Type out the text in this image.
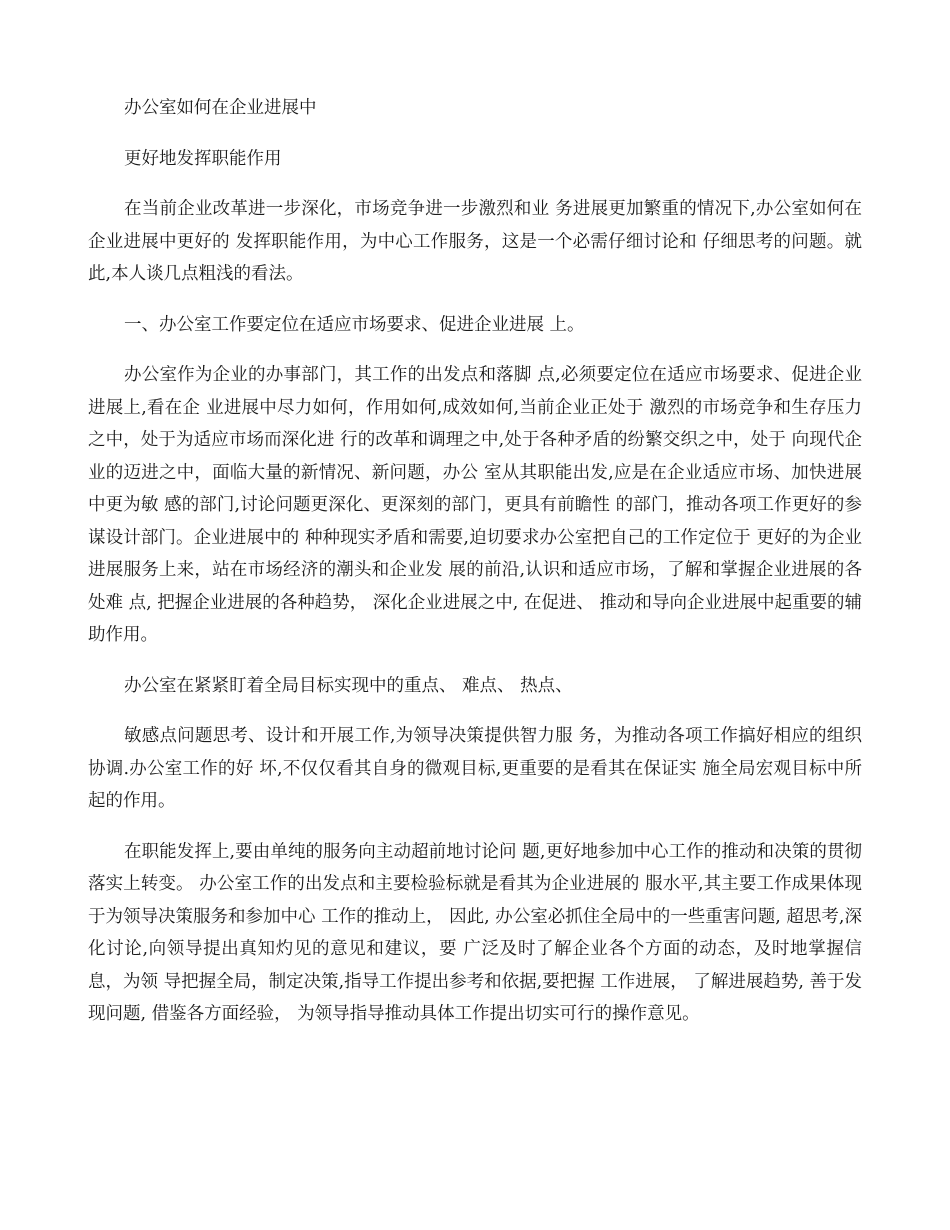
办公室如何在企业进展中

更好地发挥职能作用

在当前企业改革进一步深化，市场竞争进一步激烈和业 务进展更加繁重的情况下,办公室如何在企业进展中更好的 发挥职能作用，为中心工作服务，这是一个必需仔细讨论和 仔细思考的问题。就此,本人谈几点粗浅的看法。

一、办公室工作要定位在适应市场要求、促进企业进展 上。

办公室作为企业的办事部门，其工作的出发点和落脚 点,必须要定位在适应市场要求、促进企业进展上,看在企 业进展中尽力如何，作用如何,成效如何,当前企业正处于 激烈的市场竞争和生存压力之中，处于为适应市场而深化进 行的改革和调理之中,处于各种矛盾的纷繁交织之中，处于 向现代企业的迈进之中，面临大量的新情况、新问题，办公 室从其职能出发,应是在企业适应市场、加快进展中更为敏 感的部门,讨论问题更深化、更深刻的部门，更具有前瞻性 的部门，推动各项工作更好的参谋设计部门。企业进展中的 种种现实矛盾和需要,迫切要求办公室把自己的工作定位于 更好的为企业进展服务上来，站在市场经济的潮头和企业发 展的前沿,认识和适应市场，了解和掌握企业进展的各处难 点, 把握企业进展的各种趋势， 深化企业进展之中, 在促进、 推动和导向企业进展中起重要的辅助作用。

办公室在紧紧盯着全局目标实现中的重点、 难点、 热点、

敏感点问题思考、设计和开展工作,为领导决策提供智力服 务，为推动各项工作搞好相应的组织协调.办公室工作的好 坏,不仅仅看其自身的微观目标,更重要的是看其在保证实 施全局宏观目标中所起的作用。

在职能发挥上,要由单纯的服务向主动超前地讨论问 题,更好地参加中心工作的推动和决策的贯彻落实上转变。 办公室工作的出发点和主要检验标就是看其为企业进展的 服水平,其主要工作成果体现于为领导决策服务和参加中心 工作的推动上， 因此, 办公室必抓住全局中的一些重害问题, 超思考,深化讨论,向领导提出真知灼见的意见和建议，要 广泛及时了解企业各个方面的动态，及时地掌握信息，为领 导把握全局，制定决策,指导工作提出参考和依据,要把握 工作进展， 了解进展趋势, 善于发现问题, 借鉴各方面经验， 为领导指导推动具体工作提出切实可行的操作意见。
